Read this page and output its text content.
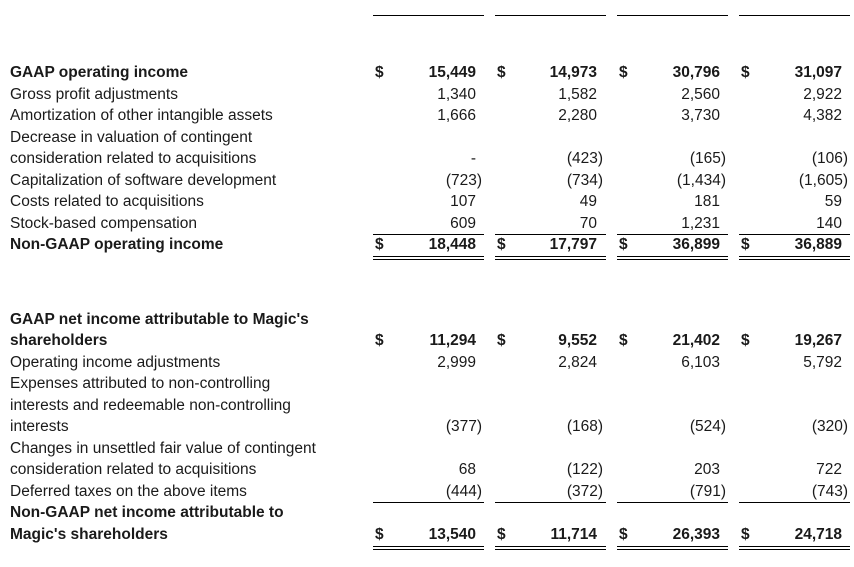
GAAP operating income	$	15,449 $	14,973 $	30,796 $	31,097
Gross profit adjustments	1,340	1,582	2,560	2,922
Amortization of other intangible assets	1,666	2,280	3,730	4,382
Decrease in valuation of contingent
consideration related to acquisitions	-	(423)	(165)	(106)
Capitalization of software development	(723)	(734)	(1,434)	(1,605)
Costs related to acquisitions	107	49	181	59
Stock-based compensation	609	70	1,231	140
Non-GAAP operating income	$	18,448 $	17,797 $	36,899 $	36,889
GAAP net income attributable to Magic's
shareholders	$	11,294 $	9,552 $	21,402 $	19,267
Operating income adjustments	2,999	2,824	6,103	5,792
Expenses attributed to non-controlling
interests and redeemable non-controlling
interests	(377)	(168)	(524)	(320)
Changes in unsettled fair value of contingent
consideration related to acquisitions	68	(122)	203	722
Deferred taxes on the above items	(444)	(372)	(791)	(743)
Non-GAAP net income attributable to
Magic's shareholders	$	13,540 $	11,714 $	26,393 $	24,718
